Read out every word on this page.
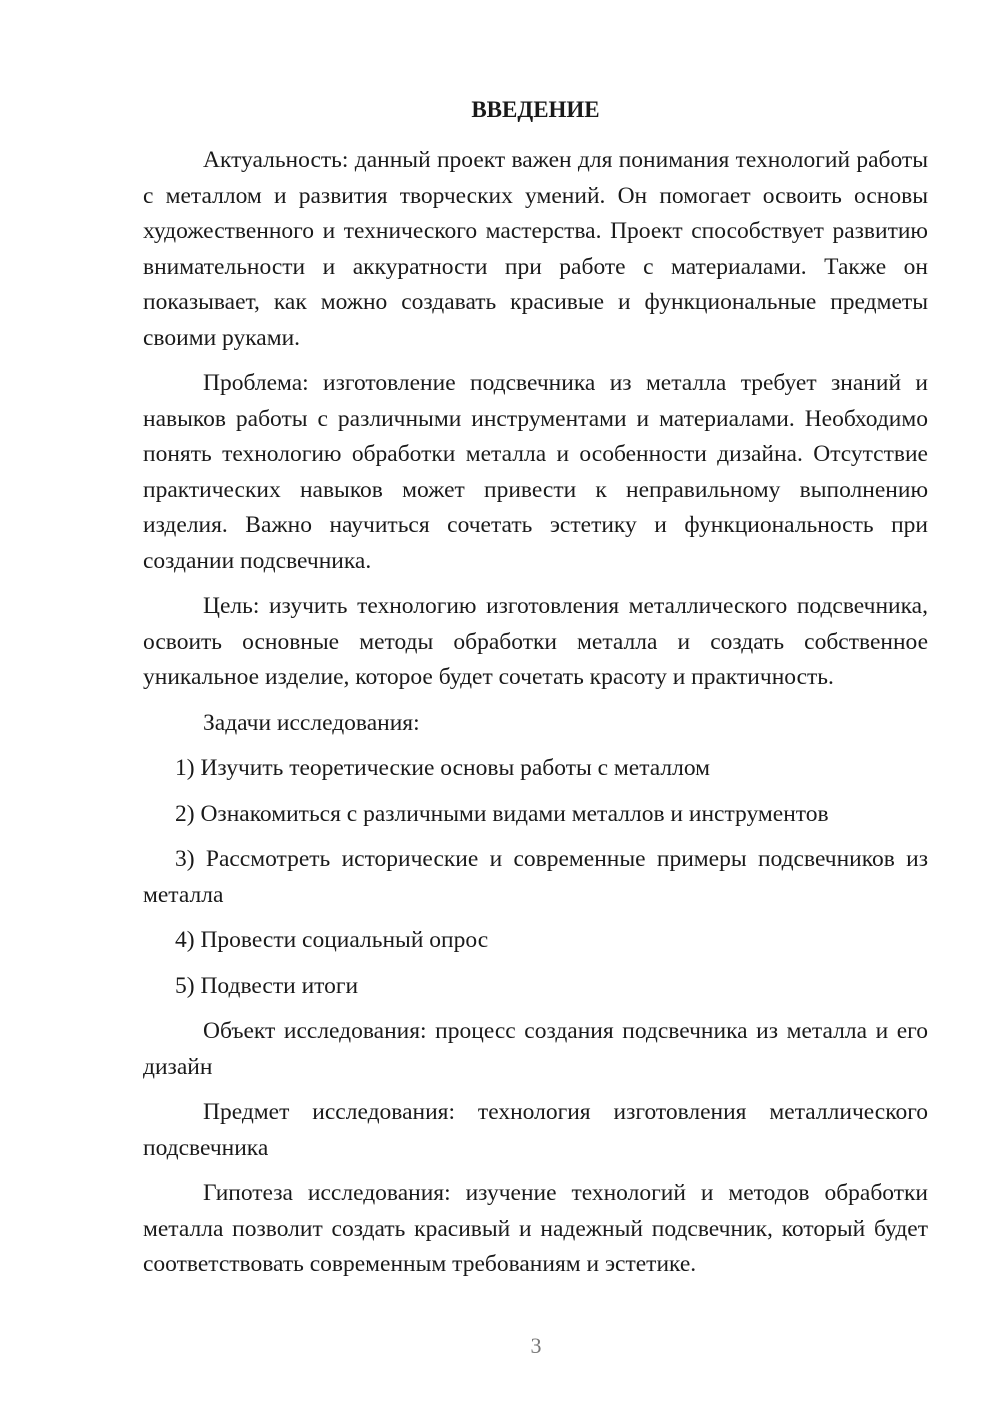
ВВЕДЕНИЕ

Актуальность: данный проект важен для понимания технологий работы с металлом и развития творческих умений. Он помогает освоить основы художественного и технического мастерства. Проект способствует развитию внимательности и аккуратности при работе с материалами. Также он показывает, как можно создавать красивые и функциональные предметы своими руками.

Проблема: изготовление подсвечника из металла требует знаний и навыков работы с различными инструментами и материалами. Необходимо понять технологию обработки металла и особенности дизайна. Отсутствие практических навыков может привести к неправильному выполнению изделия. Важно научиться сочетать эстетику и функциональность при создании подсвечника.

Цель: изучить технологию изготовления металлического подсвечника, освоить основные методы обработки металла и создать собственное уникальное изделие, которое будет сочетать красоту и практичность.

Задачи исследования:

1) Изучить теоретические основы работы с металлом

2) Ознакомиться с различными видами металлов и инструментов

3) Рассмотреть исторические и современные примеры подсвечников из металла

4) Провести социальный опрос

5) Подвести итоги

Объект исследования: процесс создания подсвечника из металла и его дизайн

Предмет исследования: технология изготовления металлического подсвечника

Гипотеза исследования: изучение технологий и методов обработки металла позволит создать красивый и надежный подсвечник, который будет соответствовать современным требованиям и эстетике.

3
